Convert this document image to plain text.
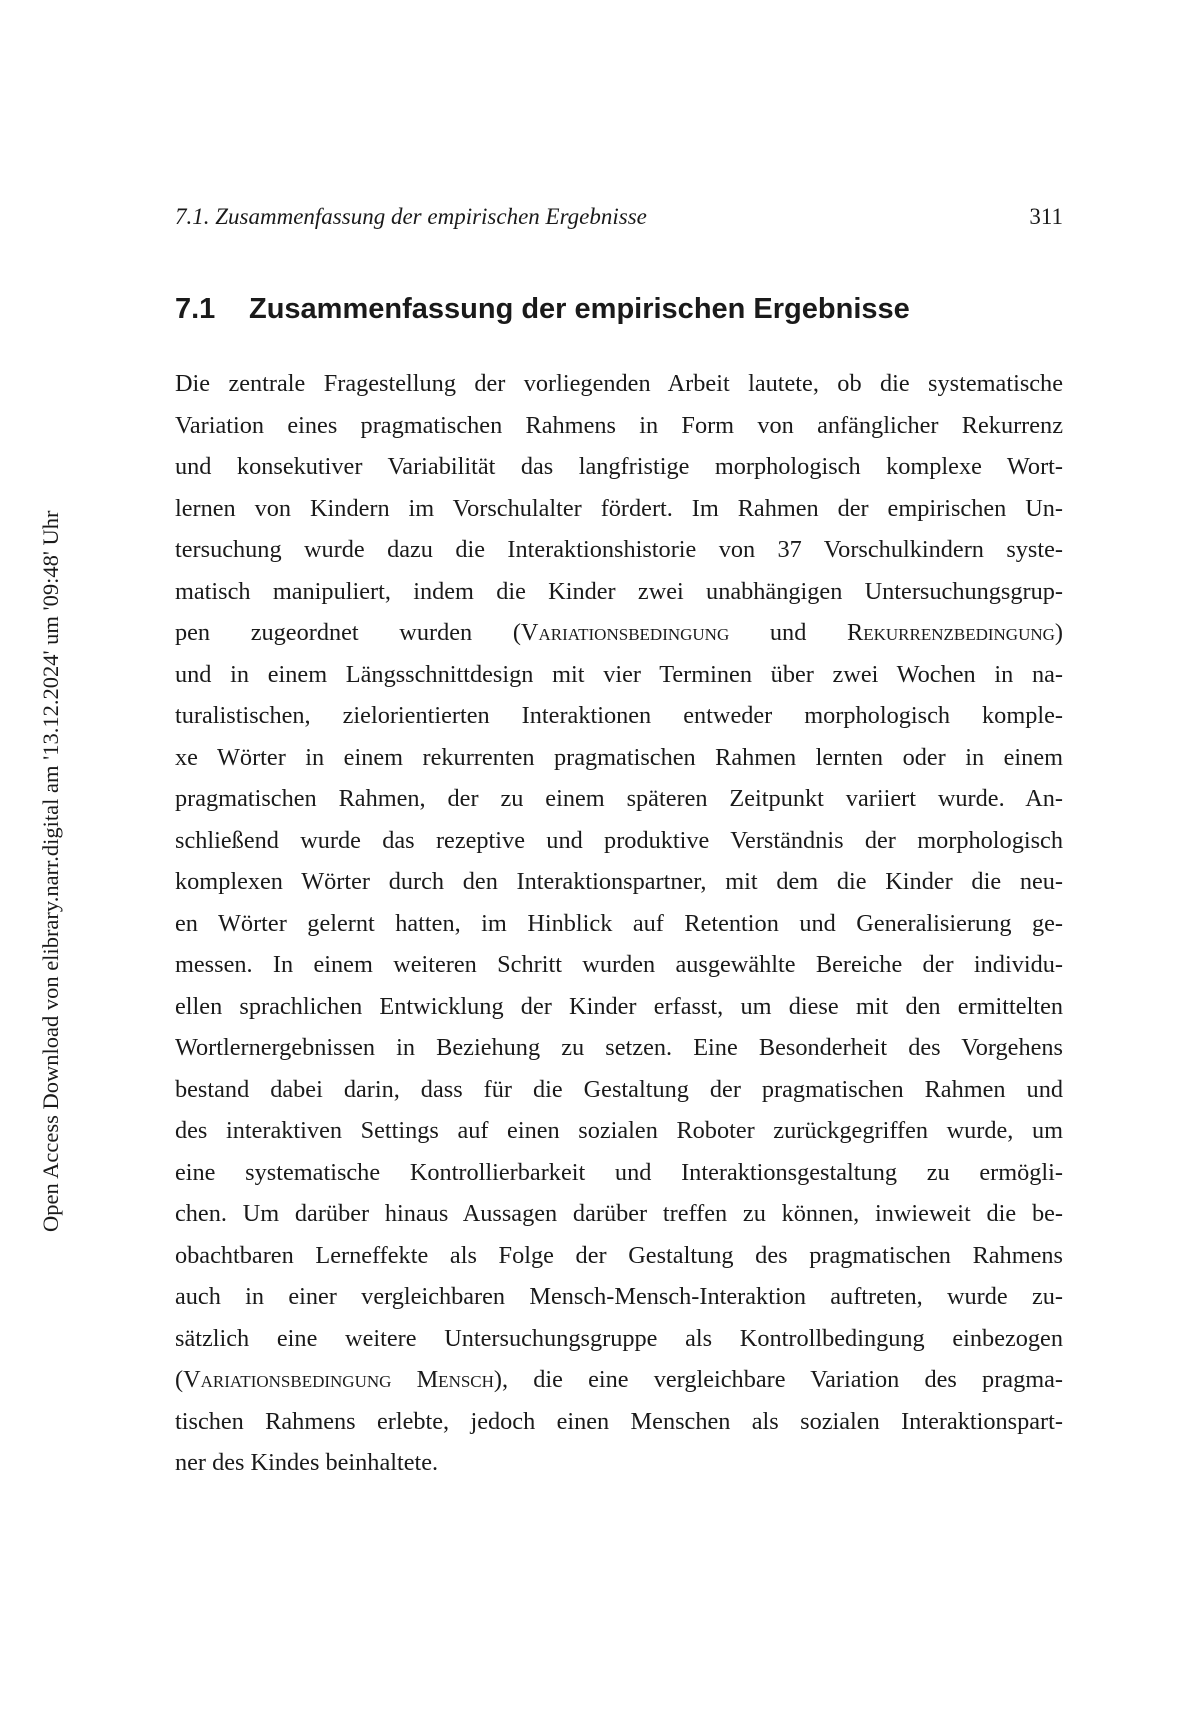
7.1. Zusammenfassung der empirischen Ergebnisse	311
7.1 Zusammenfassung der empirischen Ergebnisse
Die zentrale Fragestellung der vorliegenden Arbeit lautete, ob die systematische
Variation eines pragmatischen Rahmens in Form von anfänglicher Rekurrenz
und konsekutiver Variabilität das langfristige morphologisch komplexe Wort-
lernen von Kindern im Vorschulalter fördert. Im Rahmen der empirischen Un-
tersuchung wurde dazu die Interaktionshistorie von 37 Vorschulkindern syste-
matisch manipuliert, indem die Kinder zwei unabhängigen Untersuchungsgrup-
pen zugeordnet wurden (Variationsbedingung und Rekurrenzbedingung)
und in einem Längsschnittdesign mit vier Terminen über zwei Wochen in na-
turalistischen, zielorientierten Interaktionen entweder morphologisch komple-
xe Wörter in einem rekurrenten pragmatischen Rahmen lernten oder in einem
pragmatischen Rahmen, der zu einem späteren Zeitpunkt variiert wurde. An-
schließend wurde das rezeptive und produktive Verständnis der morphologisch
komplexen Wörter durch den Interaktionspartner, mit dem die Kinder die neu-
en Wörter gelernt hatten, im Hinblick auf Retention und Generalisierung ge-
messen. In einem weiteren Schritt wurden ausgewählte Bereiche der individu-
ellen sprachlichen Entwicklung der Kinder erfasst, um diese mit den ermittelten
Wortlernergebnissen in Beziehung zu setzen. Eine Besonderheit des Vorgehens
bestand dabei darin, dass für die Gestaltung der pragmatischen Rahmen und
des interaktiven Settings auf einen sozialen Roboter zurückgegriffen wurde, um
eine systematische Kontrollierbarkeit und Interaktionsgestaltung zu ermögli-
chen. Um darüber hinaus Aussagen darüber treffen zu können, inwieweit die be-
obachtbaren Lerneffekte als Folge der Gestaltung des pragmatischen Rahmens
auch in einer vergleichbaren Mensch-Mensch-Interaktion auftreten, wurde zu-
sätzlich eine weitere Untersuchungsgruppe als Kontrollbedingung einbezogen
(Variationsbedingung Mensch), die eine vergleichbare Variation des pragma-
tischen Rahmens erlebte, jedoch einen Menschen als sozialen Interaktionspart-
ner des Kindes beinhaltete.
Open Access Download von elibrary.narr.digital am '13.12.2024' um '09:48' Uhr
